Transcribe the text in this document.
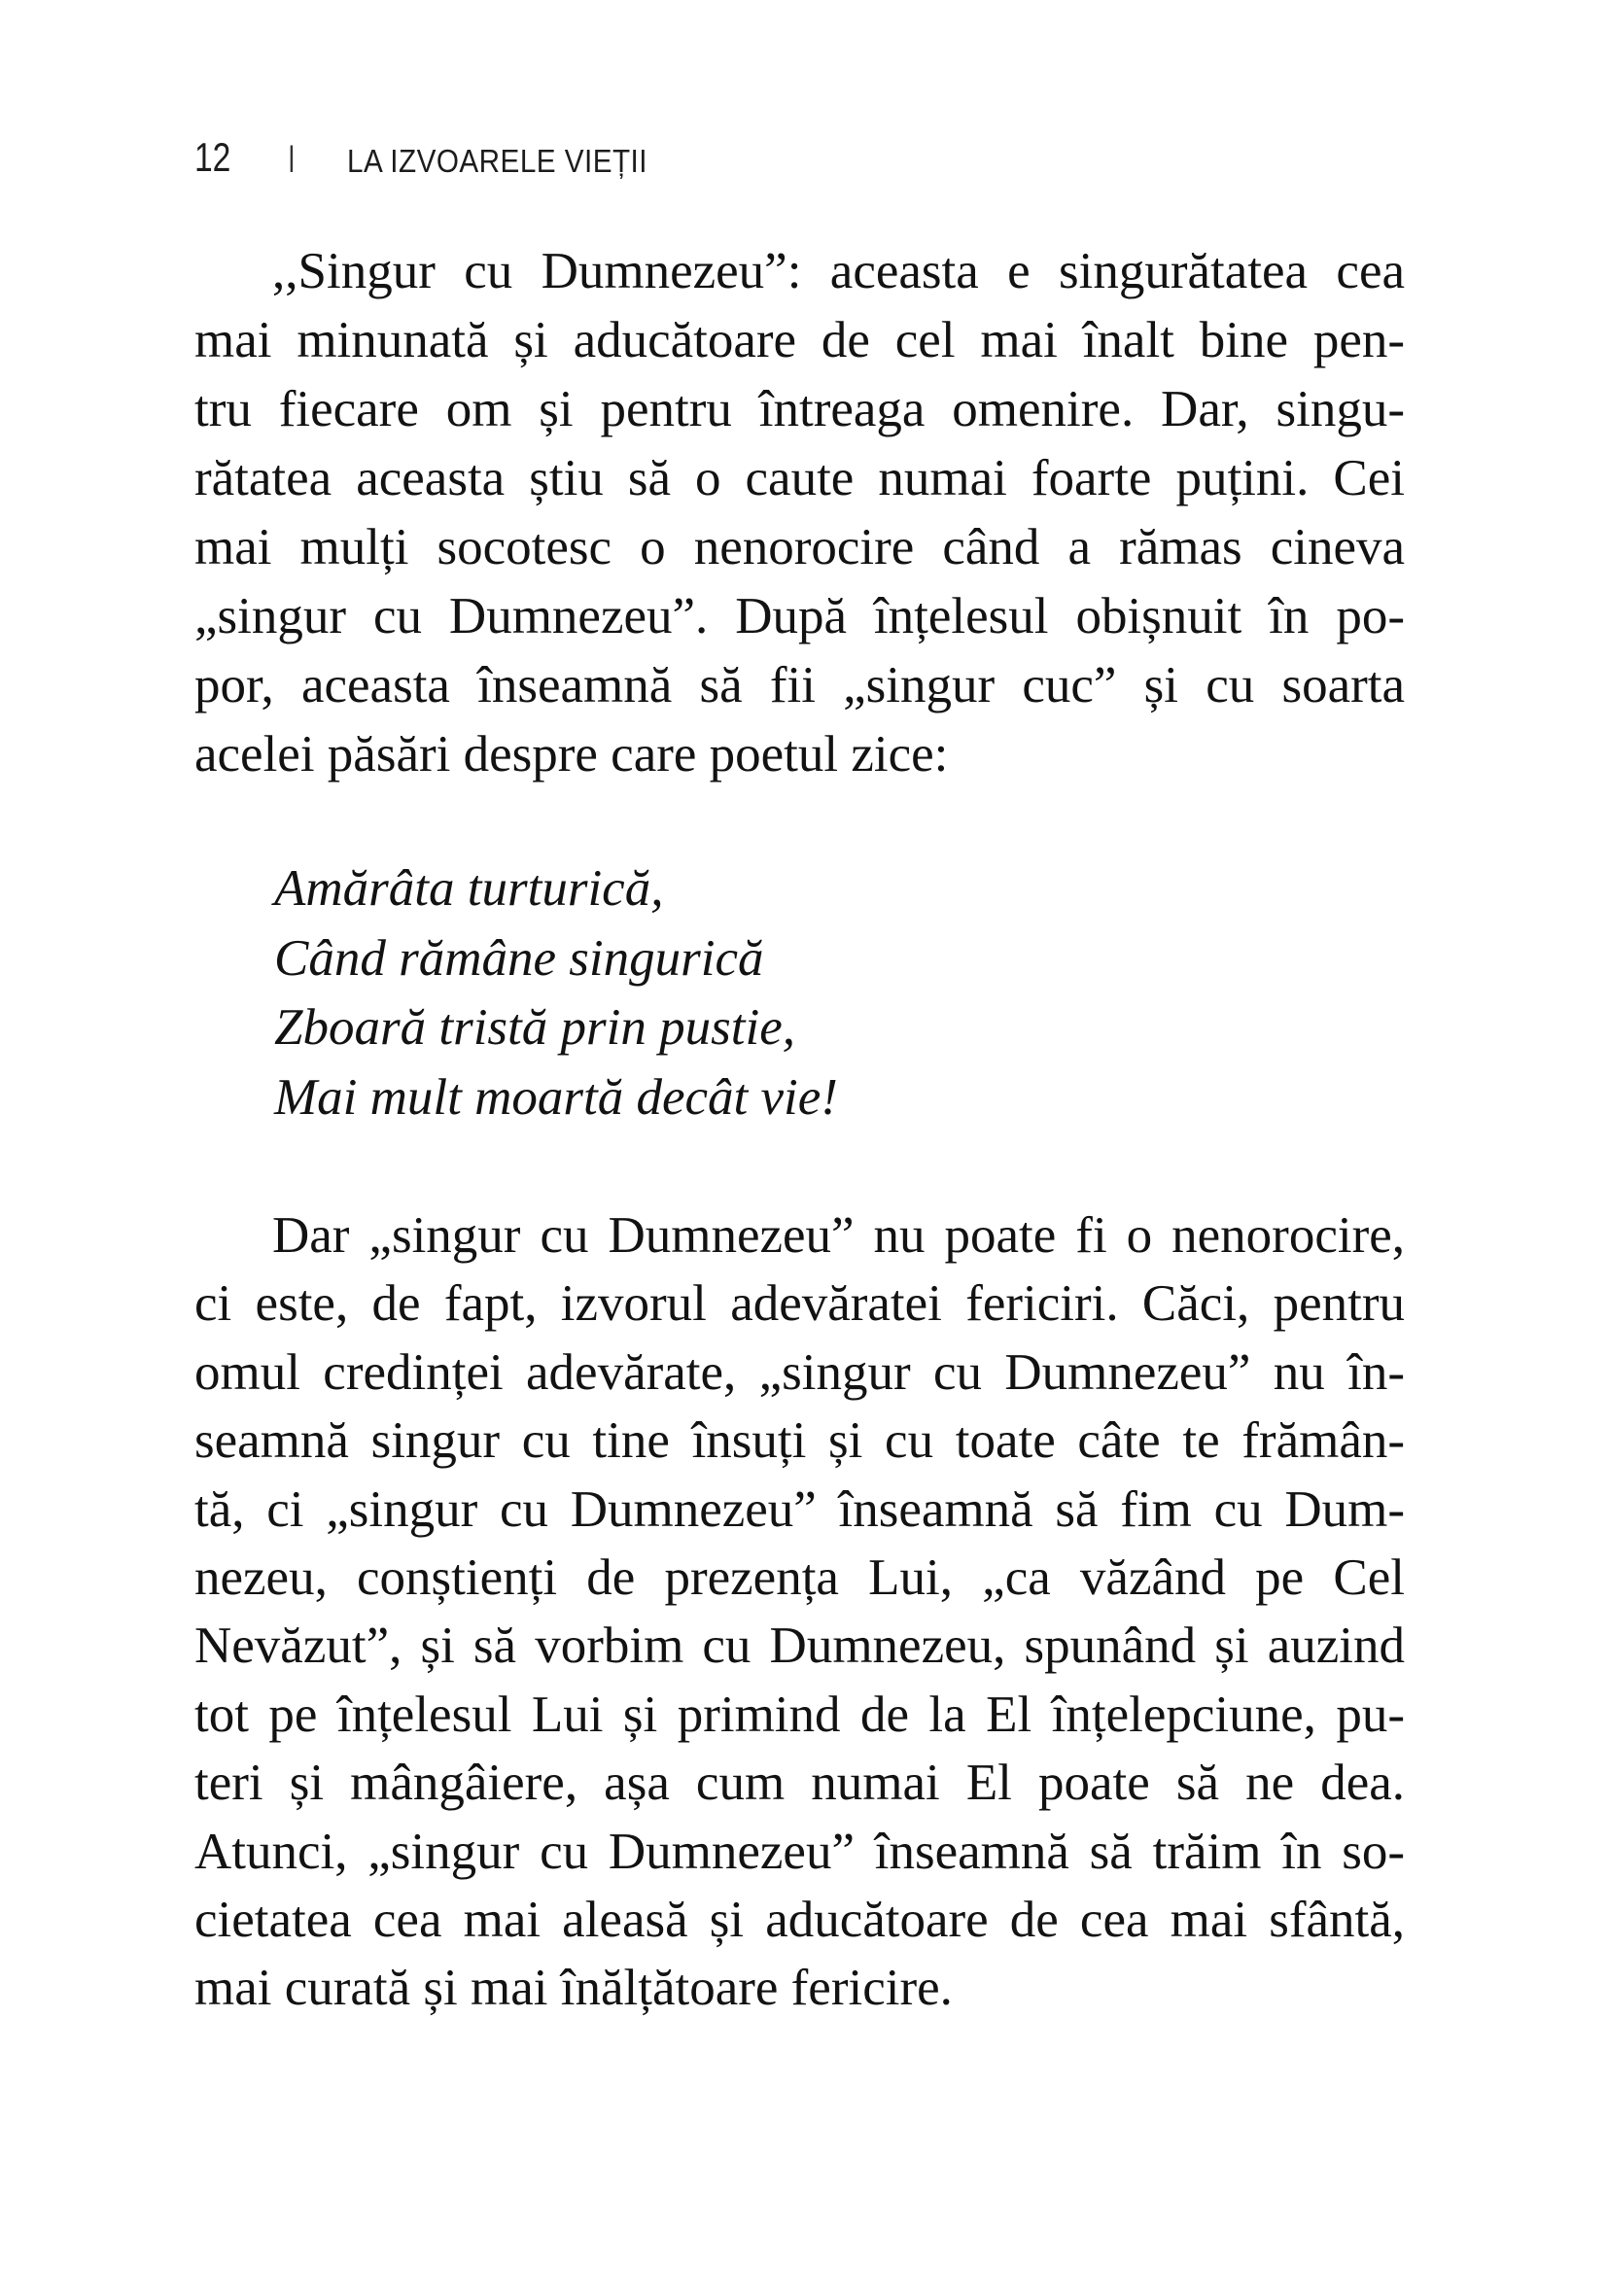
12 | LA IZVOARELE VIEȚII
,,Singur cu Dumnezeu”: aceasta e singurătatea cea
mai minunată și aducătoare de cel mai înalt bine pen-
tru fiecare om și pentru întreaga omenire. Dar, singu-
rătatea aceasta știu să o caute numai foarte puțini. Cei
mai mulți socotesc o nenorocire când a rămas cineva
„singur cu Dumnezeu”. După înțelesul obișnuit în po-
por, aceasta înseamnă să fii „singur cuc” și cu soarta
acelei păsări despre care poetul zice:
Amărâta turturică,
Când rămâne singurică
Zboară tristă prin pustie,
Mai mult moartă decât vie!
Dar „singur cu Dumnezeu” nu poate fi o nenorocire,
ci este, de fapt, izvorul adevăratei fericiri. Căci, pentru
omul credinței adevărate, „singur cu Dumnezeu” nu în-
seamnă singur cu tine însuți și cu toate câte te frămân-
tă, ci „singur cu Dumnezeu” înseamnă să fim cu Dum-
nezeu, conștienți de prezența Lui, „ca văzând pe Cel
Nevăzut”, și să vorbim cu Dumnezeu, spunând și auzind
tot pe înțelesul Lui și primind de la El înțelepciune, pu-
teri și mângâiere, așa cum numai El poate să ne dea.
Atunci, „singur cu Dumnezeu” înseamnă să trăim în so-
cietatea cea mai aleasă și aducătoare de cea mai sfântă,
mai curată și mai înălțătoare fericire.
